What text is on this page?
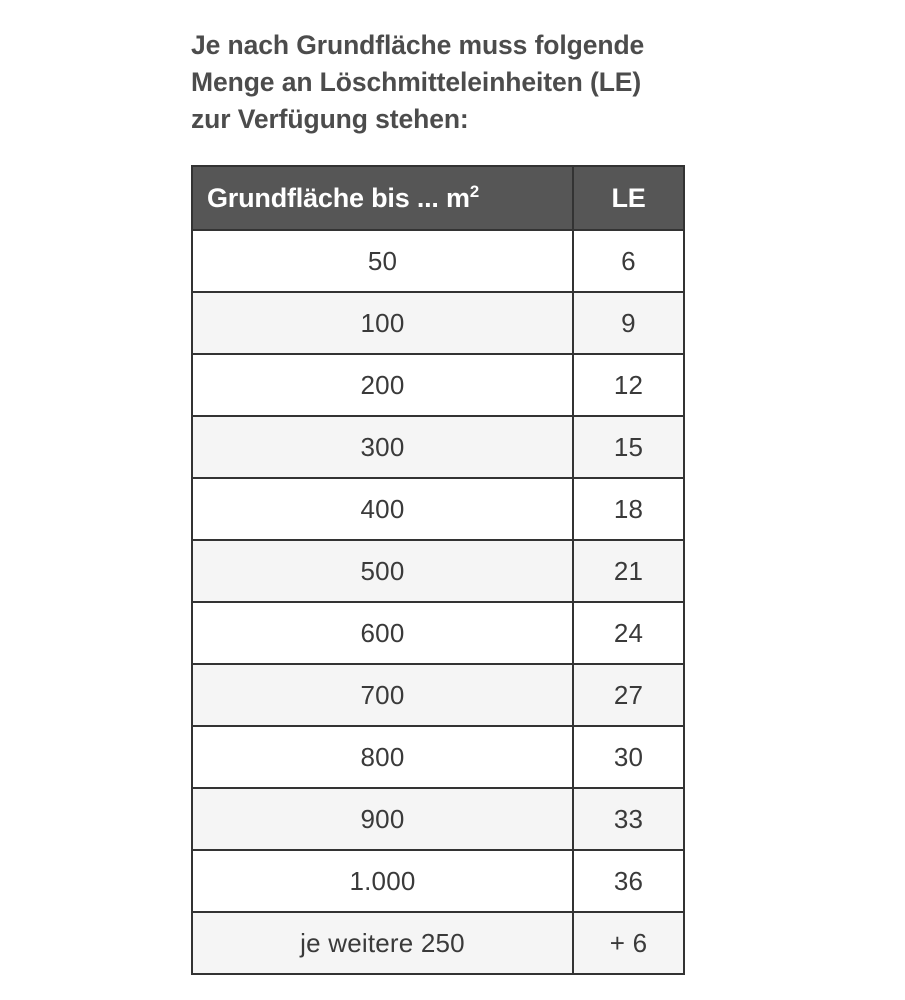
Je nach Grundfläche muss folgende
Menge an Löschmitteleinheiten (LE)
zur Verfügung stehen:
Grundfläche bis ... $m^2$	LE
50	6
100	9
200	12
300	15
400	18
500	21
600	24
700	27
800	30
900	33
1.000	36
je weitere 250	+ 6
